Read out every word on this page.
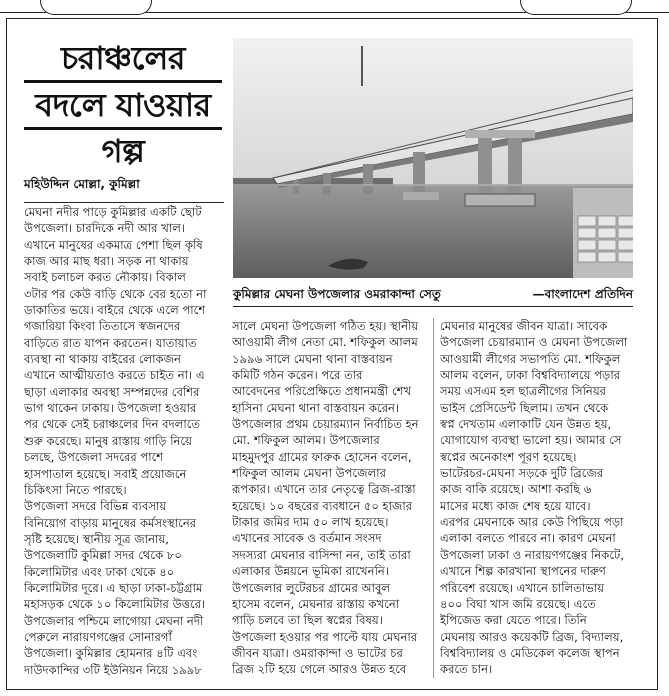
চরাঞ্চলের
বদলে যাওয়ার
গল্প
মহিউদ্দিন মোল্লা, কুমিল্লা
কুমিল্লার মেঘনা উপজেলার ওমরাকান্দা সেতু	—বাংলাদেশ প্রতিদিন
মেঘনা নদীর পাড়ে কুমিল্লার একটি ছোট
উপজেলা। চারদিকে নদী আর খাল।
এখানে মানুষের একমাত্র পেশা ছিল কৃষি
কাজ আর মাছ ধরা। সড়ক না থাকায়
সবাই চলাচল করত নৌকায়। বিকাল
৩টার পর কেউ বাড়ি থেকে বের হতো না
ডাকাতির ভয়ে। বাইরে থেকে এলে পাশে
গজারিয়া কিংবা তিতাসে স্বজনদের
বাড়িতে রাত যাপন করতেন। যাতায়াত
ব্যবস্থা না থাকায় বাইরের লোকজন
এখানে আত্মীয়তাও করতে চাইত না। এ
ছাড়া এলাকার অবস্থা সম্পন্নদের বেশির
ভাগ থাকেন ঢাকায়। উপজেলা হওয়ার
পর থেকে সেই চরাঞ্চলের দিন বদলাতে
শুরু করেছে। মানুষ রাস্তায় গাড়ি নিয়ে
চলছে, উপজেলা সদরের পাশে
হাসপাতাল হয়েছে। সবাই প্রয়োজনে
চিকিৎসা নিতে পারছে।
উপজেলা সদরে বিভিন্ন ব্যবসায়
বিনিয়োগ বাড়ায় মানুষের কর্মসংস্থানের
সৃষ্টি হয়েছে। স্থানীয় সূত্র জানায়,
উপজেলাটি কুমিল্লা সদর থেকে ৮০
কিলোমিটার এবং ঢাকা থেকে ৪০
কিলোমিটার দূরে। এ ছাড়া ঢাকা-চট্টগ্রাম
মহাসড়ক থেকে ১০ কিলোমিটার উত্তরে।
উপজেলার পশ্চিমে লাগোয়া মেঘনা নদী
পেরুলে নারায়ণগঞ্জের সোনারগাঁ
উপজেলা। কুমিল্লার হোমনার ৪টি এবং
দাউদকান্দির ৩টি ইউনিয়ন নিয়ে ১৯৯৮
সালে মেঘনা উপজেলা গঠিত হয়। স্থানীয়
আওয়ামী লীগ নেতা মো. শফিকুল আলম
১৯৯৬ সালে মেঘনা থানা বাস্তবায়ন
কমিটি গঠন করেন। পরে তার
আবেদনের পরিপ্রেক্ষিতে প্রধানমন্ত্রী শেখ
হাসিনা মেঘনা থানা বাস্তবায়ন করেন।
উপজেলার প্রথম চেয়ারম্যান নির্বাচিত হন
মো. শফিকুল আলম। উপজেলার
মাহমুদপুর গ্রামের ফারুক হোসেন বলেন,
শফিকুল আলম মেঘনা উপজেলার
রূপকার। এখানে তার নেতৃত্বে ব্রিজ-রাস্তা
হয়েছে। ১০ বছরের ব্যবধানে ৫০ হাজার
টাকার জমির দাম ৫০ লাখ হয়েছে।
এখানের সাবেক ও বর্তমান সংসদ
সদস্যরা মেঘনার বাসিন্দা নন, তাই তারা
এলাকার উন্নয়নে ভূমিকা রাখেননি।
উপজেলার লুটেরচর গ্রামের আবুল
হাসেম বলেন, মেঘনার রাস্তায় কখনো
গাড়ি চলবে তা ছিল স্বপ্নের বিষয়।
উপজেলা হওয়ার পর পাল্টে যায় মেঘনার
জীবন যাত্রা। ওমরাকান্দা ও ভাটের চর
ব্রিজ ২টি হয়ে গেলে আরও উন্নত হবে
মেঘনার মানুষের জীবন যাত্রা। সাবেক
উপজেলা চেয়ারম্যান ও মেঘনা উপজেলা
আওয়ামী লীগের সভাপতি মো. শফিকুল
আলম বলেন, ঢাকা বিশ্ববিদ্যালয়ে পড়ার
সময় এসএম হল ছাত্রলীগের সিনিয়র
ভাইস প্রেসিডেন্ট ছিলাম। তখন থেকে
স্বপ্ন দেখতাম এলাকাটি যেন উন্নত হয়,
যোগাযোগ ব্যবস্থা ভালো হয়। আমার সে
স্বপ্নের অনেকাংশ পূরণ হয়েছে।
ভাটেরচর-মেঘনা সড়কে দুটি ব্রিজের
কাজ বাকি রয়েছে। আশা করছি ৬
মাসের মধ্যে কাজ শেষ হয়ে যাবে।
এরপর মেঘনাকে আর কেউ পিছিয়ে পড়া
এলাকা বলতে পারবে না। কারণ মেঘনা
উপজেলা ঢাকা ও নারায়ণগঞ্জের নিকটে,
এখানে শিল্প কারখানা স্থাপনের দারুণ
পরিবেশ রয়েছে। এখানে চালিতাভায়
৪০০ বিঘা খাস জমি রয়েছে। এতে
ইপিজেড করা যেতে পারে। তিনি
মেঘনায় আরও কয়েকটি ব্রিজ, বিদ্যালয়,
বিশ্ববিদ্যালয় ও মেডিকেল কলেজ স্থাপন
করতে চান।
